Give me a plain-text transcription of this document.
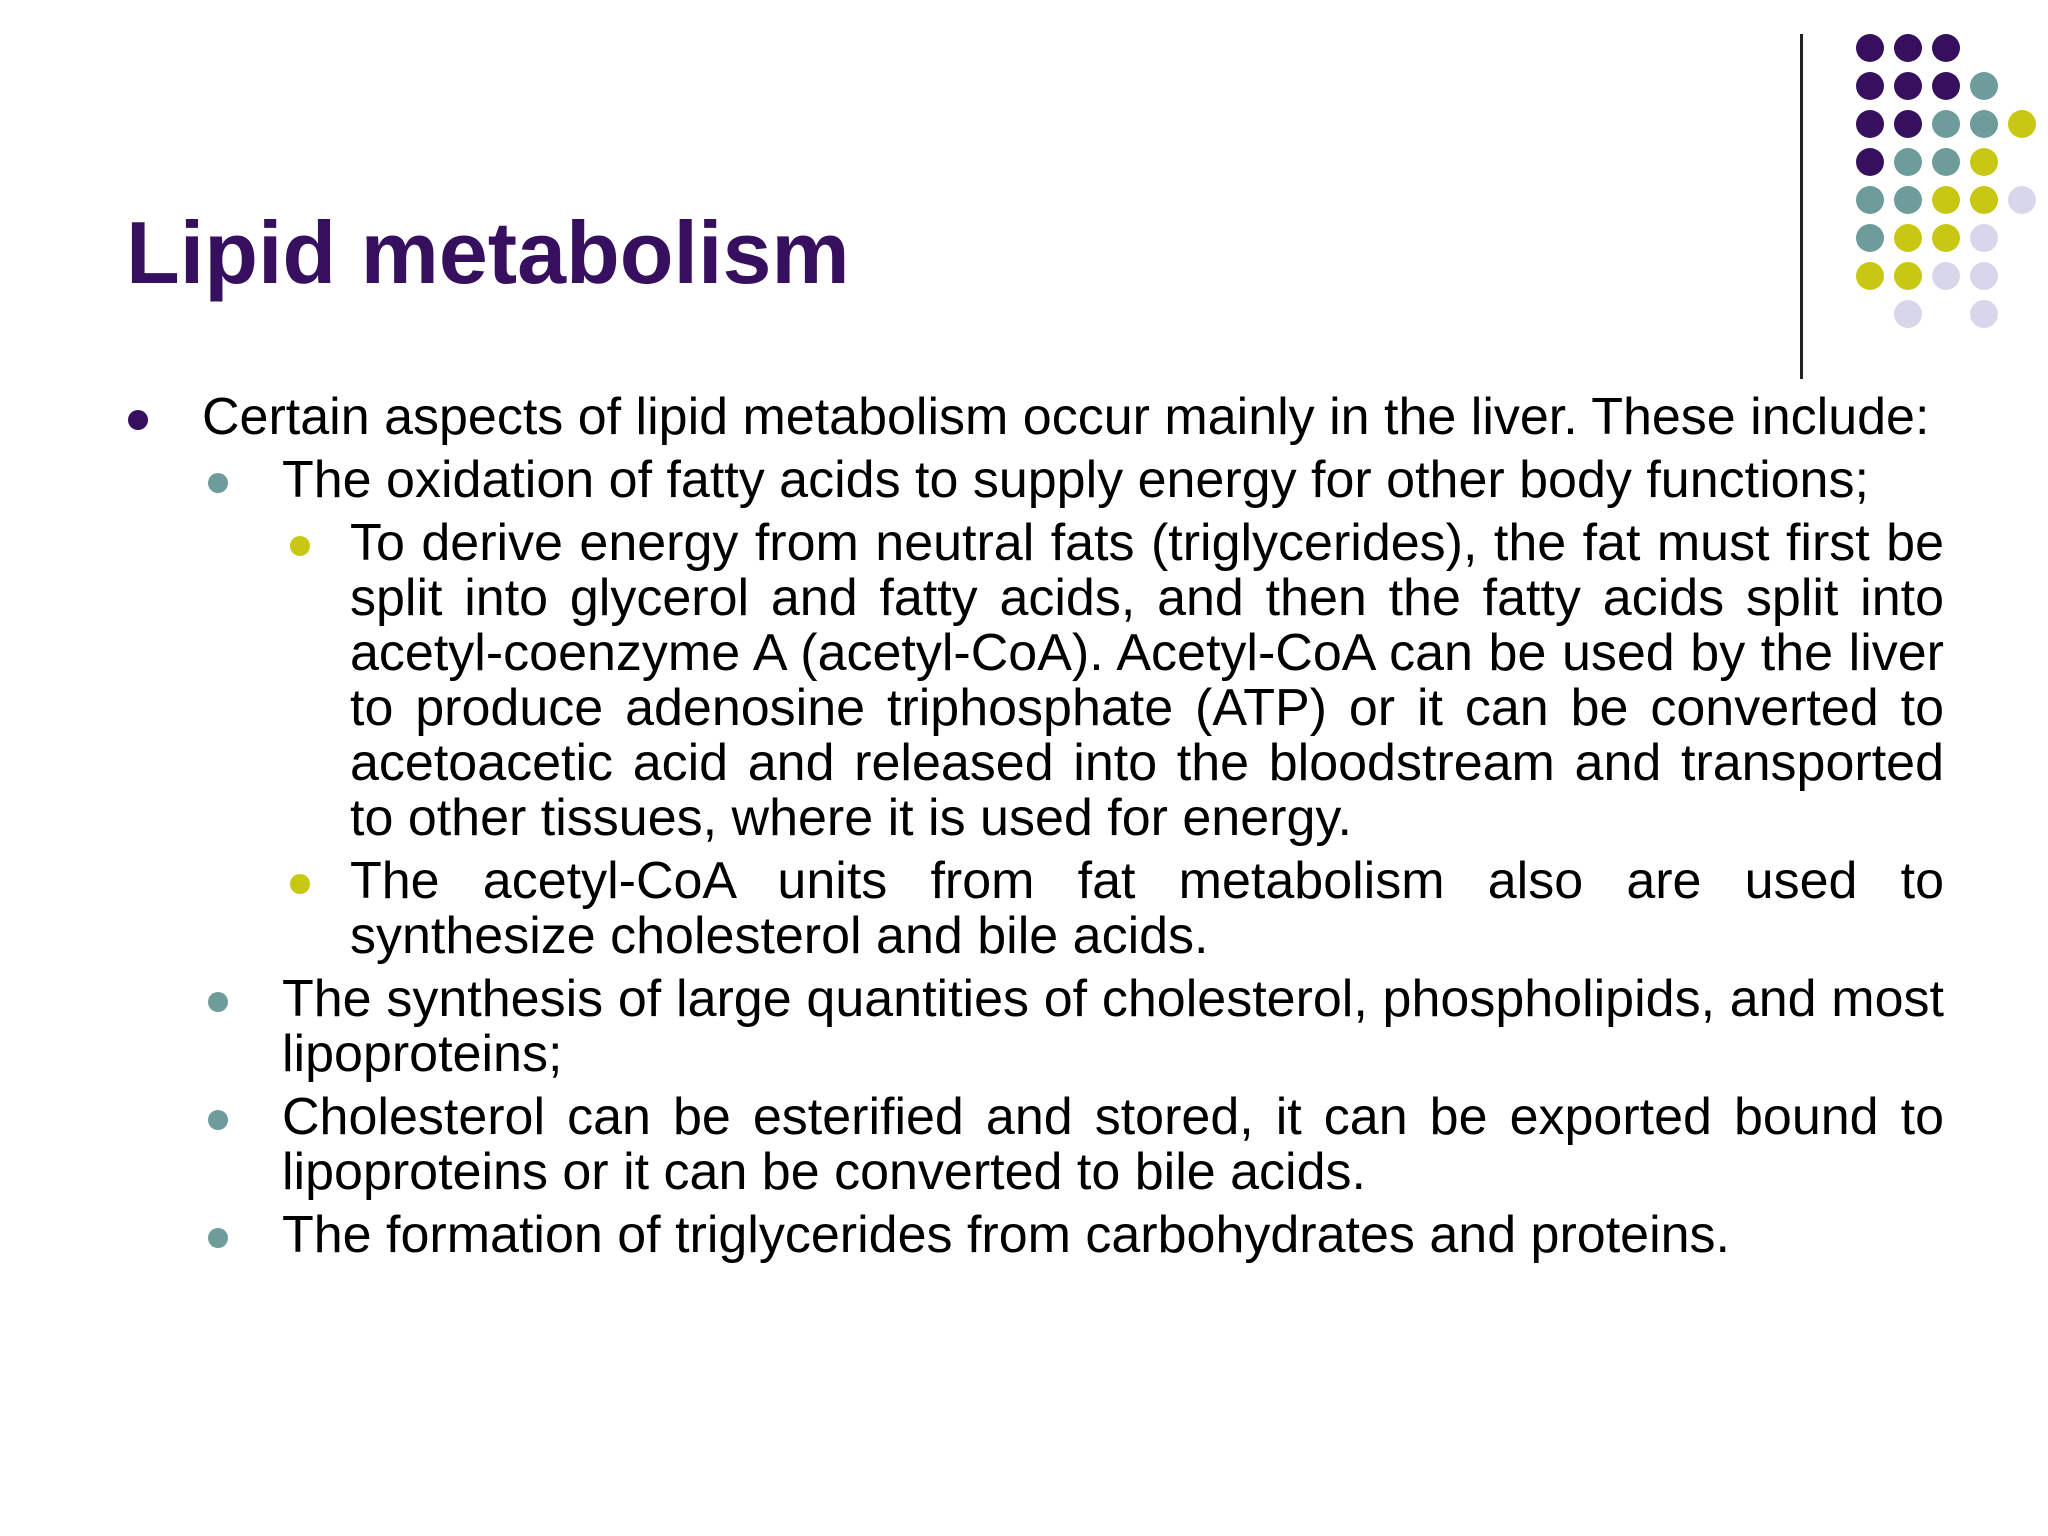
Lipid metabolism
Certain aspects of lipid metabolism occur mainly in the liver. These include:
The oxidation of fatty acids to supply energy for other body functions;
To derive energy from neutral fats (triglycerides), the fat must first be split into glycerol and fatty acids, and then the fatty acids split into acetyl-coenzyme A (acetyl-CoA). Acetyl-CoA can be used by the liver to produce adenosine triphosphate (ATP) or it can be converted to acetoacetic acid and released into the bloodstream and transported to other tissues, where it is used for energy.
The acetyl-CoA units from fat metabolism also are used to synthesize cholesterol and bile acids.
The synthesis of large quantities of cholesterol, phospholipids, and most lipoproteins;
Cholesterol can be esterified and stored, it can be exported bound to lipoproteins or it can be converted to bile acids.
The formation of triglycerides from carbohydrates and proteins.
